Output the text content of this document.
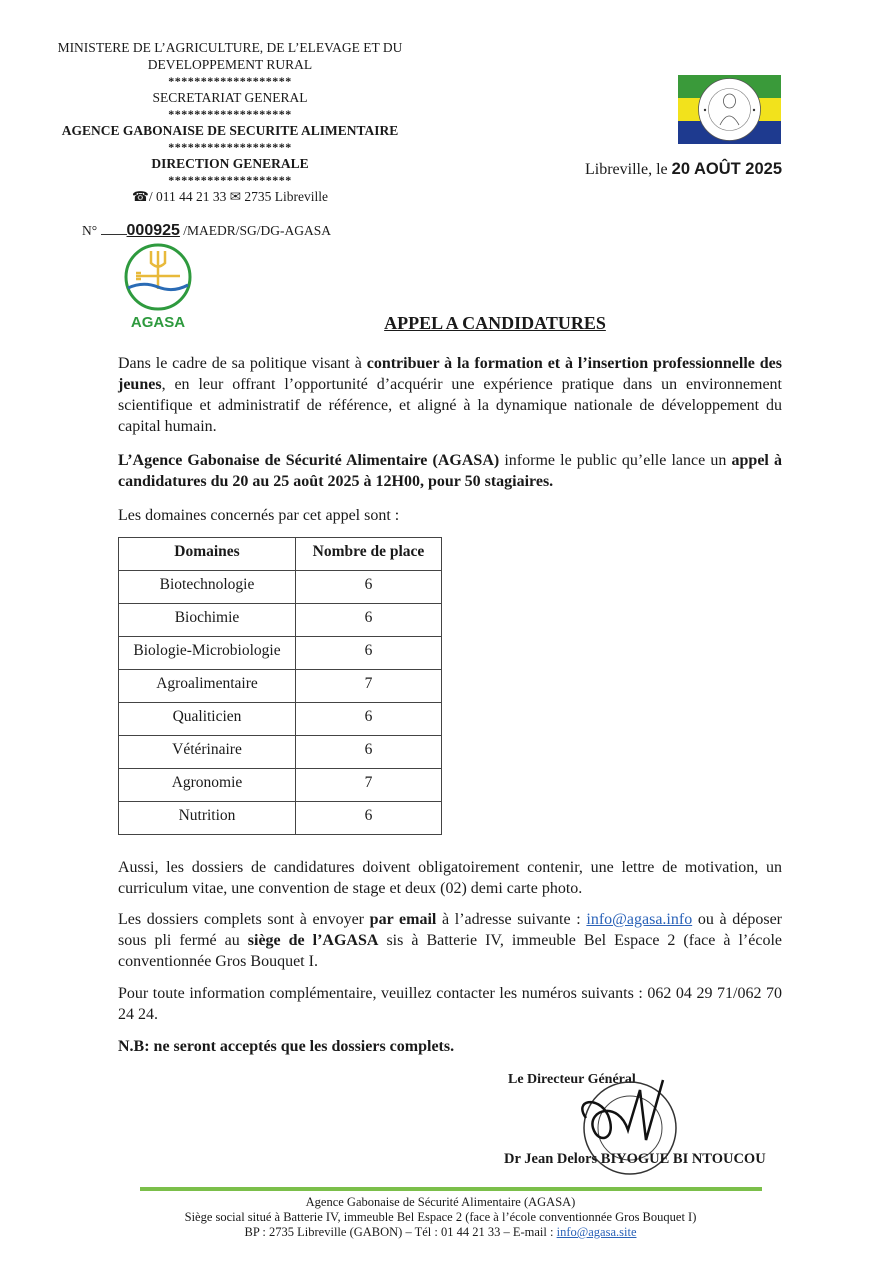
MINISTERE DE L’AGRICULTURE, DE L’ELEVAGE ET DU
DEVELOPPEMENT RURAL
*******************
SECRETARIAT GENERAL
*******************
AGENCE GABONAISE DE SECURITE ALIMENTAIRE
*******************
DIRECTION GENERALE
*******************
☎/ 011 44 21 33 ✉ 2735 Libreville
N° 000925 /MAEDR/SG/DG-AGASA
Libreville, le 20 AOÛT 2025
AGASA	APPEL A CANDIDATURES
Dans le cadre de sa politique visant à contribuer à la formation et à l’insertion professionnelle des jeunes, en leur offrant l’opportunité d’acquérir une expérience pratique dans un environnement scientifique et administratif de référence, et aligné à la dynamique nationale de développement du capital humain.
L’Agence Gabonaise de Sécurité Alimentaire (AGASA) informe le public qu’elle lance un appel à candidatures du 20 au 25 août 2025 à 12H00, pour 50 stagiaires.
Les domaines concernés par cet appel sont :
Domaines	Nombre de place
Biotechnologie	6
Biochimie	6
Biologie-Microbiologie	6
Agroalimentaire	7
Qualiticien	6
Vétérinaire	6
Agronomie	7
Nutrition	6
Aussi, les dossiers de candidatures doivent obligatoirement contenir, une lettre de motivation, un curriculum vitae, une convention de stage et deux (02) demi carte photo.
Les dossiers complets sont à envoyer par email à l’adresse suivante : info@agasa.info ou à déposer sous pli fermé au siège de l’AGASA sis à Batterie IV, immeuble Bel Espace 2 (face à l’école conventionnée Gros Bouquet I.
Pour toute information complémentaire, veuillez contacter les numéros suivants : 062 04 29 71/062 70 24 24.
N.B: ne seront acceptés que les dossiers complets.
Le Directeur Général
Dr Jean Delors BIYOGUE BI NTOUCOU
Agence Gabonaise de Sécurité Alimentaire (AGASA)
Siège social situé à Batterie IV, immeuble Bel Espace 2 (face à l’école conventionnée Gros Bouquet I)
BP : 2735 Libreville (GABON) – Tél : 01 44 21 33 – E-mail : info@agasa.site
